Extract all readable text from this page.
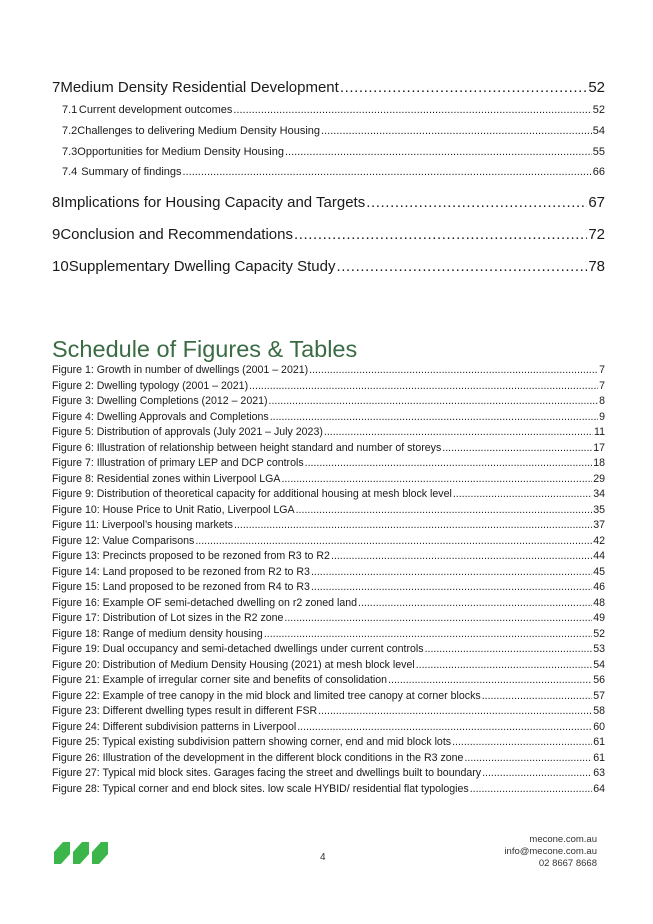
7 Medium Density Residential Development .....	52
7.1 Current development outcomes .....	52
7.2 Challenges to delivering Medium Density Housing .....	54
7.3 Opportunities for Medium Density Housing .....	55
7.4 Summary of findings .....	66
8 Implications for Housing Capacity and Targets .....	67
9 Conclusion and Recommendations .....	72
10 Supplementary Dwelling Capacity Study .....	78
Schedule of Figures & Tables
Figure 1: Growth in number of dwellings (2001 – 2021) .....	7
Figure 2: Dwelling typology (2001 – 2021) .....	7
Figure 3: Dwelling Completions (2012 – 2021) .....	8
Figure 4: Dwelling Approvals and Completions .....	9
Figure 5: Distribution of approvals (July 2021 – July 2023) .....	11
Figure 6: Illustration of relationship between height standard and number of storeys .....	17
Figure 7: Illustration of primary LEP and DCP controls .....	18
Figure 8: Residential zones within Liverpool LGA .....	29
Figure 9: Distribution of theoretical capacity for additional housing at mesh block level .....	34
Figure 10: House Price to Unit Ratio, Liverpool LGA .....	35
Figure 11: Liverpool’s housing markets .....	37
Figure 12: Value Comparisons .....	42
Figure 13: Precincts proposed to be rezoned from R3 to R2 .....	44
Figure 14: Land proposed to be rezoned from R2 to R3 .....	45
Figure 15: Land proposed to be rezoned from R4 to R3 .....	46
Figure 16: Example OF semi-detached dwelling on r2 zoned land .....	48
Figure 17: Distribution of Lot sizes in the R2 zone .....	49
Figure 18: Range of medium density housing .....	52
Figure 19: Dual occupancy and semi-detached dwellings under current controls .....	53
Figure 20: Distribution of Medium Density Housing (2021) at mesh block level .....	54
Figure 21: Example of irregular corner site and benefits of consolidation .....	56
Figure 22: Example of tree canopy in the mid block and limited tree canopy at corner blocks .....	57
Figure 23: Different dwelling types result in different FSR .....	58
Figure 24: Different subdivision patterns in Liverpool .....	60
Figure 25: Typical existing subdivision pattern showing corner, end and mid block lots .....	61
Figure 26: Illustration of the development in the different block conditions in the R3 zone .....	61
Figure 27: Typical mid block sites. Garages facing the street and dwellings built to boundary .....	63
Figure 28: Typical corner and end block sites. low scale HYBID/ residential flat typologies .....	64
4
mecone.com.au
info@mecone.com.au
02 8667 8668
